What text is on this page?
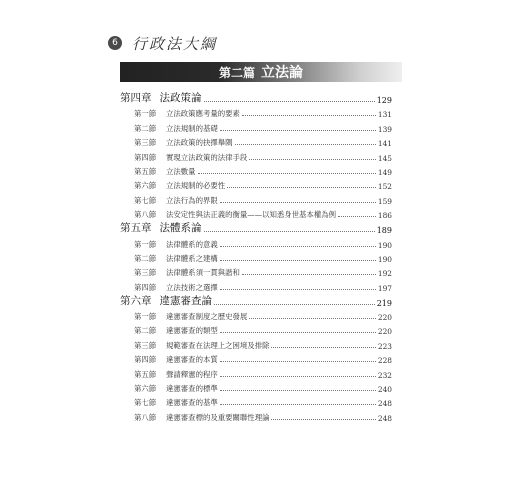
6 行政法大綱
第二篇 立法論
第四章 法政策論	129
第一節	立法政策應考量的要素	131
第二節	立法規制的基礎	139
第三節	立法政策的抉擇舉隅	141
第四節	實現立法政策的法律手段	145
第五節	立法數量	149
第六節	立法規制的必要性	152
第七節	立法行為的界限	159
第八節	法安定性與法正義的衡量——以知悉身世基本權為例	186
第五章 法體系論	189
第一節	法律體系的意義	190
第二節	法律體系之建構	190
第三節	法律體系須一貫與諧和	192
第四節	立法技術之選擇	197
第六章 違憲審查論	219
第一節	違憲審查制度之歷史發展	220
第二節	違憲審查的類型	220
第三節	規範審查在法理上之困境及排除	223
第四節	違憲審查的本質	228
第五節	聲請釋憲的程序	232
第六節	違憲審查的標準	240
第七節	違憲審查的基準	248
第八節	違憲審查標的及重要關聯性理論	248
